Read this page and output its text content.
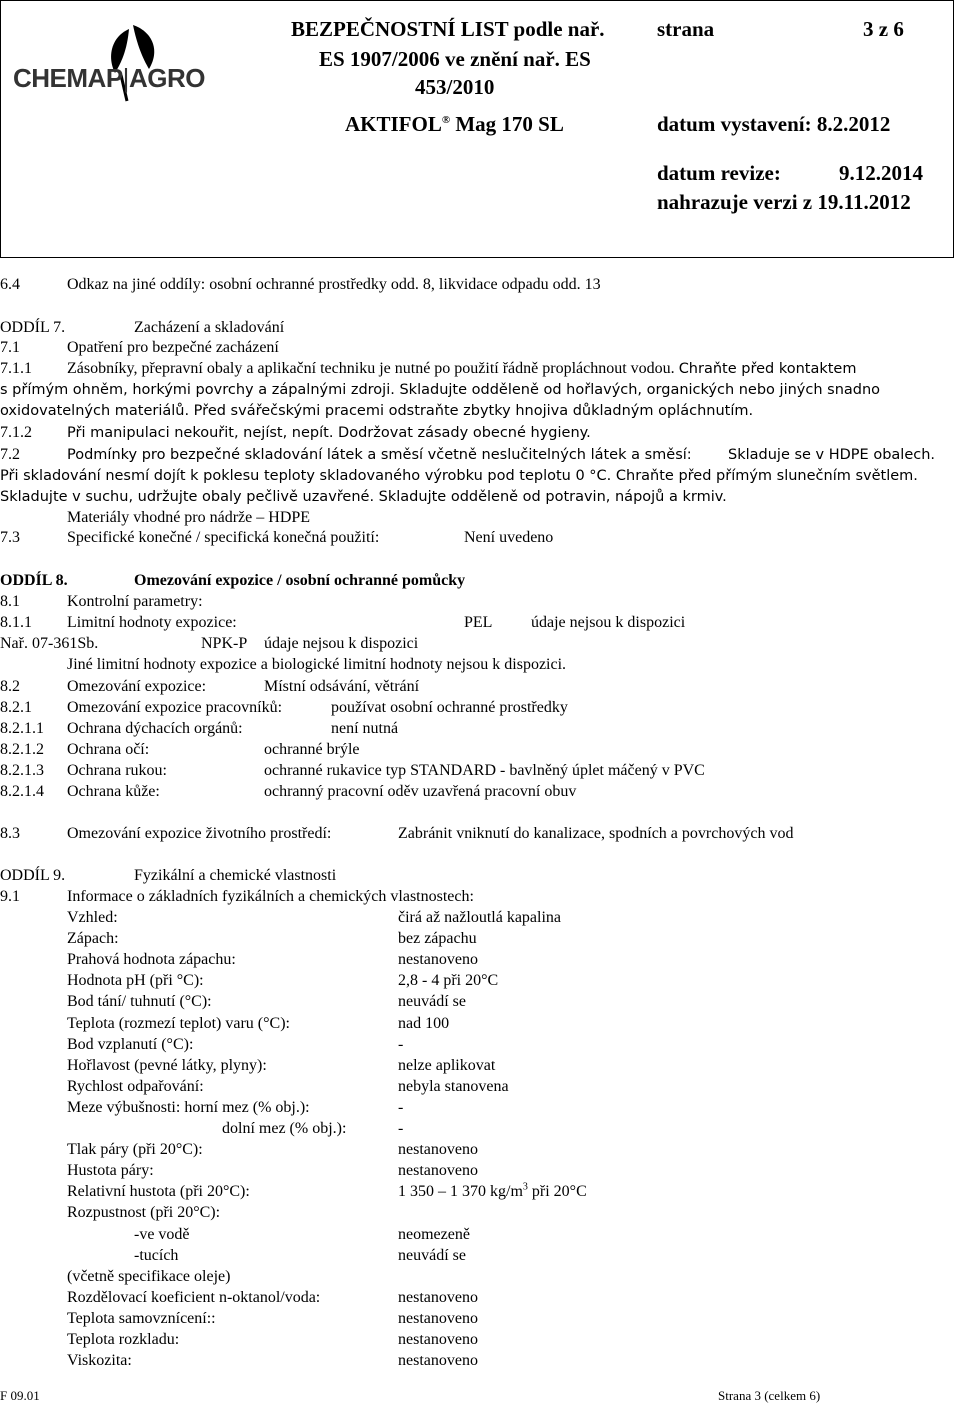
CHEMAP|AGRO
BEZPEČNOSTNÍ LIST podle nař.
ES 1907/2006 ve znění nař. ES
453/2010
strana	3 z 6
AKTIFOL® Mag 170 SL	datum vystavení: 8.2.2012
datum revize:	9.12.2014
nahrazuje verzi z 19.11.2012
6.4	Odkaz na jiné oddíly: osobní ochranné prostředky odd. 8, likvidace odpadu odd. 13
ODDÍL 7.	Zacházení a skladování
7.1	Opatření pro bezpečné zacházení
7.1.1 Zásobníky, přepravní obaly a aplikační techniku je nutné po použití řádně propláchnout vodou. Chraňte před kontaktem
s přímým ohněm, horkými povrchy a zápalnými zdroji. Skladujte odděleně od hořlavých, organických nebo jiných snadno
oxidovatelných materiálů. Před svářečskými pracemi odstraňte zbytky hnojiva důkladným opláchnutím.
7.1.2 Při manipulaci nekouřit, nejíst, nepít. Dodržovat zásady obecné hygieny.
7.2	Podmínky pro bezpečné skladování látek a směsí včetně neslučitelných látek a směsí:	Skladuje se v HDPE obalech.
Při skladování nesmí dojít k poklesu teploty skladovaného výrobku pod teplotu 0 °C. Chraňte před přímým slunečním světlem.
Skladujte v suchu, udržujte obaly pečlivě uzavřené. Skladujte odděleně od potravin, nápojů a krmiv.
Materiály vhodné pro nádrže – HDPE
7.3	Specifické konečné / specifická konečná použití:	Není uvedeno
ODDÍL 8.	Omezování expozice / osobní ochranné pomůcky
8.1	Kontrolní parametry:
8.1.1 Limitní hodnoty expozice:	PEL údaje nejsou k dispozici
Nař. 07-361Sb.	NPK-P údaje nejsou k dispozici
Jiné limitní hodnoty expozice a biologické limitní hodnoty nejsou k dispozici.
8.2	Omezování expozice:	Místní odsávání, větrání
8.2.1 Omezování expozice pracovníků:	používat osobní ochranné prostředky
8.2.1.1 Ochrana dýchacích orgánů:	není nutná
8.2.1.2 Ochrana očí:	ochranné brýle
8.2.1.3 Ochrana rukou:	ochranné rukavice typ STANDARD - bavlněný úplet máčený v PVC
8.2.1.4 Ochrana kůže:	ochranný pracovní oděv uzavřená pracovní obuv
8.3	Omezování expozice životního prostředí:	Zabránit vniknutí do kanalizace, spodních a povrchových vod
ODDÍL 9.	Fyzikální a chemické vlastnosti
9.1	Informace o základních fyzikálních a chemických vlastnostech:
Vzhled:	čirá až nažloutlá kapalina
Zápach:	bez zápachu
Prahová hodnota zápachu:	nestanoveno
Hodnota pH (při °C):	2,8 - 4 při 20°C
Bod tání/ tuhnutí (°C):	neuvádí se
Teplota (rozmezí teplot) varu (°C):	nad 100
Bod vzplanutí (°C):	-
Hořlavost (pevné látky, plyny):	nelze aplikovat
Rychlost odpařování:	nebyla stanovena
Meze výbušnosti: horní mez (% obj.):	-
dolní mez (% obj.):	-
Tlak páry (při 20°C):	nestanoveno
Hustota páry:	nestanoveno
Relativní hustota (při 20°C):	1 350 – 1 370 $kg/m^3$ při 20°C
Rozpustnost (při 20°C):
-ve vodě	neomezeně
-tucích	neuvádí se
(včetně specifikace oleje)
Rozdělovací koeficient n-oktanol/voda:	nestanoveno
Teplota samovznícení::	nestanoveno
Teplota rozkladu:	nestanoveno
Viskozita:	nestanoveno
F 09.01	Strana 3 (celkem 6)
